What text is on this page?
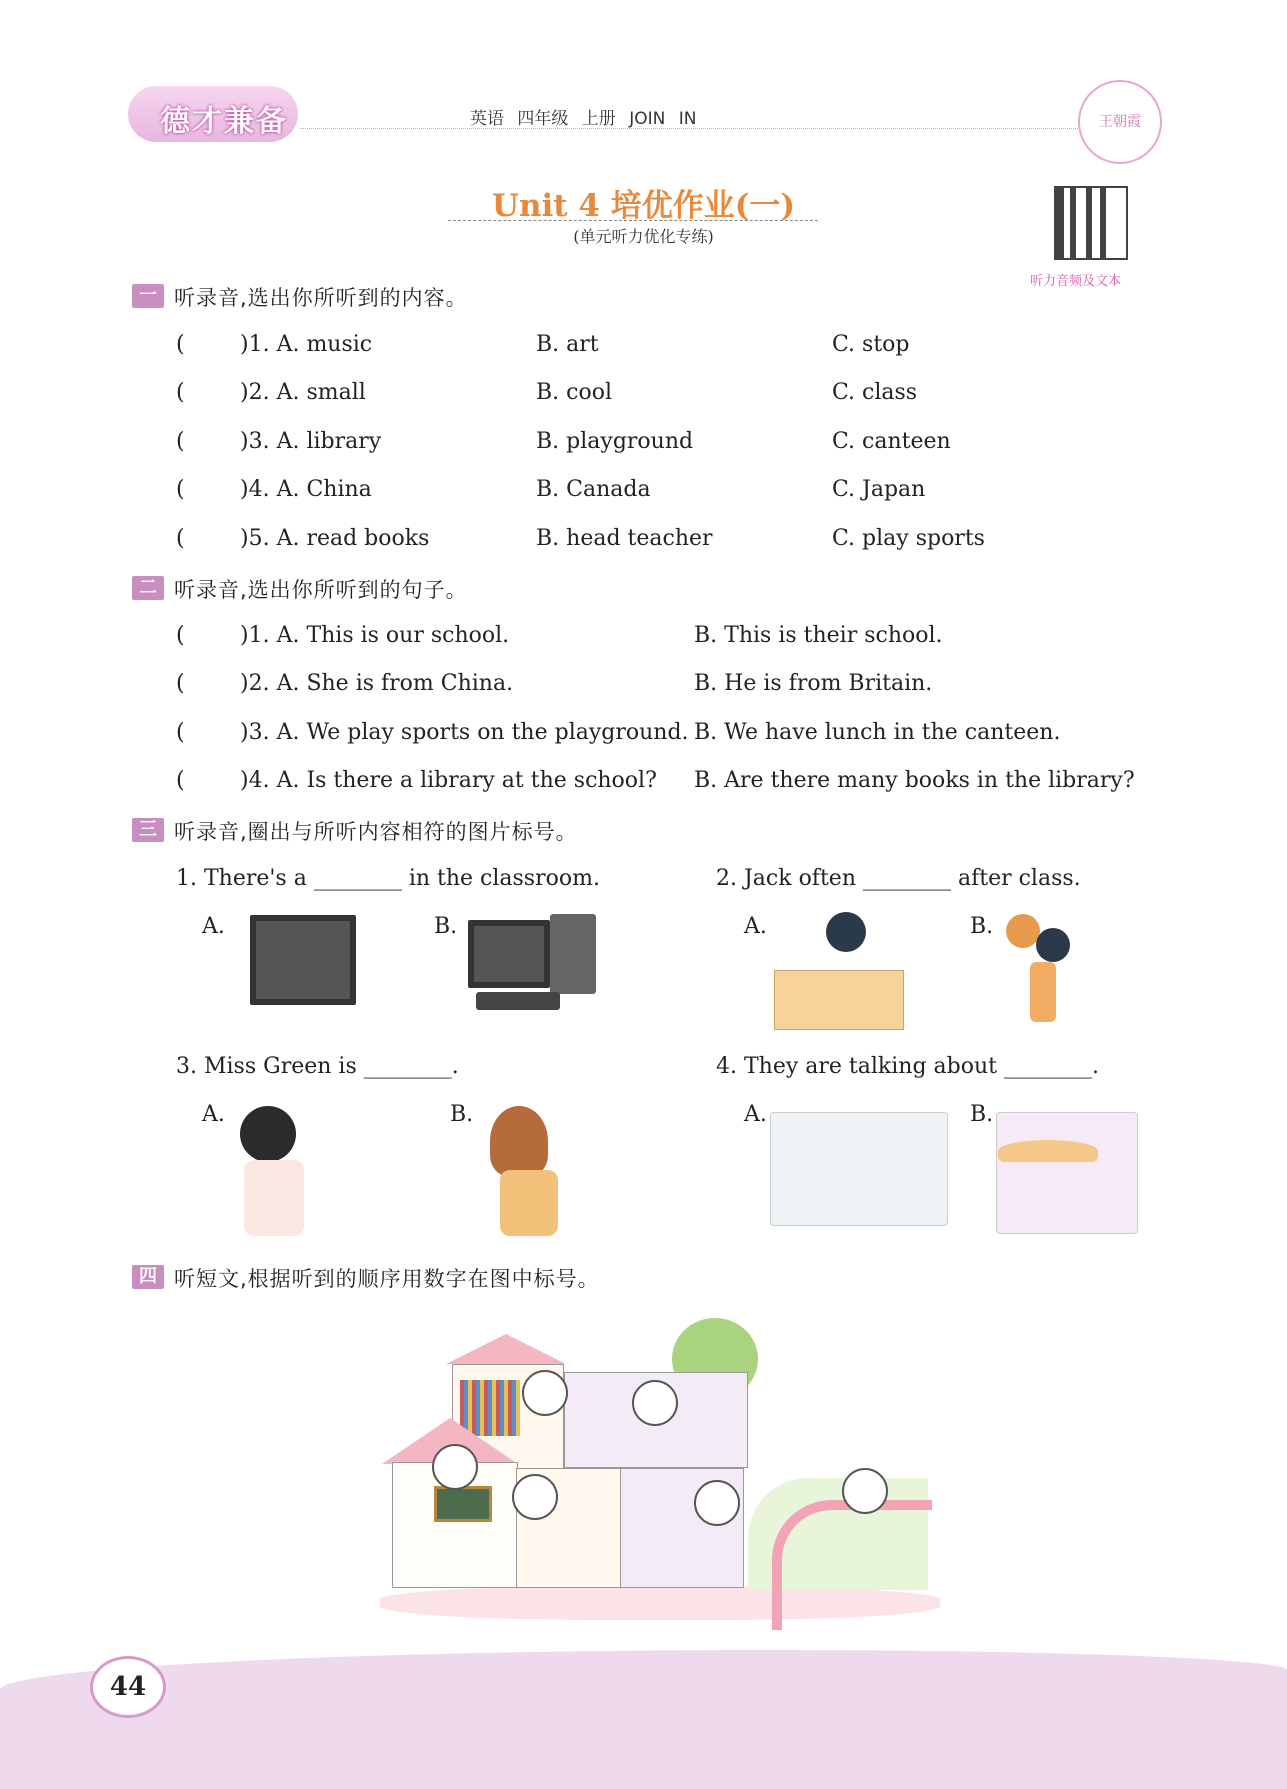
德才兼备	英语 四年级 上册 JOIN IN	王朝霞
Unit 4 培优作业(一)
(单元听力优化专练)
听力音频及文本
一 听录音,选出你所听到的内容。
(	)1. A. music	B. art	C. stop
(	)2. A. small	B. cool	C. class
(	)3. A. library	B. playground	C. canteen
(	)4. A. China	B. Canada	C. Japan
(	)5. A. read books	B. head teacher	C. play sports
二 听录音,选出你所听到的句子。
(	)1. A. This is our school.	B. This is their school.
(	)2. A. She is from China.	B. He is from Britain.
(	)3. A. We play sports on the playground. B. We have lunch in the canteen.
(	)4. A. Is there a library at the school? B. Are there many books in the library?
三 听录音,圈出与所听内容相符的图片标号。
1. There's a ________ in the classroom.	2. Jack often ________ after class.
A.	B.	A.	B.
3. Miss Green is ________.	4. They are talking about ________.
A.	B.	A.	B.
四 听短文,根据听到的顺序用数字在图中标号。
44
